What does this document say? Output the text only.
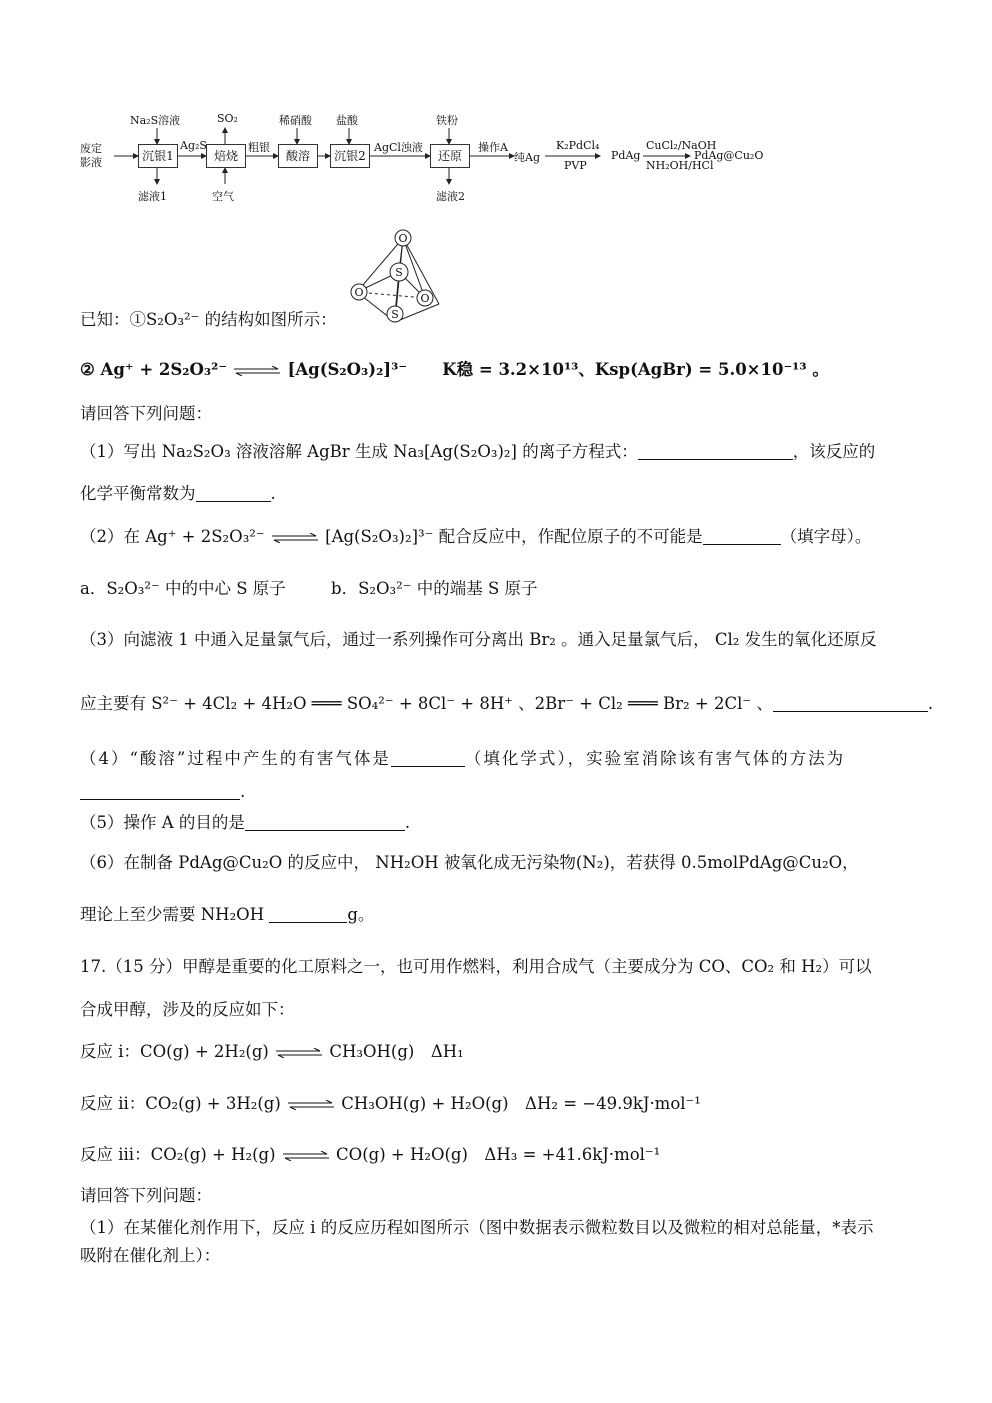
废定
影液	沉银1	焙烧	酸溶	沉银2	还原
Na₂S溶液	SO₂	稀硝酸 盐酸	铁粉
Ag₂S	粗银	AgCl浊液	操作A
纯Ag
K₂PdCl₄
PVP
PdAg
CuCl₂/NaOH
NH₂OH/HCl
PdAg@Cu₂O
滤液1	空气	滤液2
O
S
O	O
S
已知：①S₂O₃²⁻ 的结构如图所示：
② Ag⁺ + 2S₂O₃²⁻ ⇌ [Ag(S₂O₃)₂]³⁻ K稳 = 3.2×10¹³、Ksp(AgBr) = 5.0×10⁻¹³ 。
请回答下列问题：
（1）写出 Na₂S₂O₃ 溶液溶解 AgBr 生成 Na₃[Ag(S₂O₃)₂] 的离子方程式：	，该反应的
化学平衡常数为	.
（2）在 Ag⁺ + 2S₂O₃²⁻ ⇌ [Ag(S₂O₃)₂]³⁻ 配合反应中，作配位原子的不可能是	（填字母）。
a．S₂O₃²⁻ 中的中心 S 原子	b．S₂O₃²⁻ 中的端基 S 原子
（3）向滤液 1 中通入足量氯气后，通过一系列操作可分离出 Br₂ 。通入足量氯气后， Cl₂ 发生的氧化还原反
应主要有 S²⁻ + 4Cl₂ + 4H₂O ═══ SO₄²⁻ + 8Cl⁻ + 8H⁺ 、2Br⁻ + Cl₂ ═══ Br₂ + 2Cl⁻ 、	.
（4）“酸溶”过程中产生的有害气体是	（填化学式），实验室消除该有害气体的方法为
.
（5）操作 A 的目的是	.
（6）在制备 PdAg@Cu₂O 的反应中， NH₂OH 被氧化成无污染物(N₂)，若获得 0.5molPdAg@Cu₂O，
理论上至少需要 NH₂OH	g。
17.（15 分）甲醇是重要的化工原料之一，也可用作燃料，利用合成气（主要成分为 CO、CO₂ 和 H₂）可以
合成甲醇，涉及的反应如下：
反应 i：CO(g) + 2H₂(g) ⇌ CH₃OH(g)　ΔH₁
反应 ii：CO₂(g) + 3H₂(g) ⇌ CH₃OH(g) + H₂O(g)　ΔH₂ = −49.9kJ·mol⁻¹
反应 iii：CO₂(g) + H₂(g) ⇌ CO(g) + H₂O(g)　ΔH₃ = +41.6kJ·mol⁻¹
请回答下列问题：
（1）在某催化剂作用下，反应 i 的反应历程如图所示（图中数据表示微粒数目以及微粒的相对总能量，*表示
吸附在催化剂上）：
